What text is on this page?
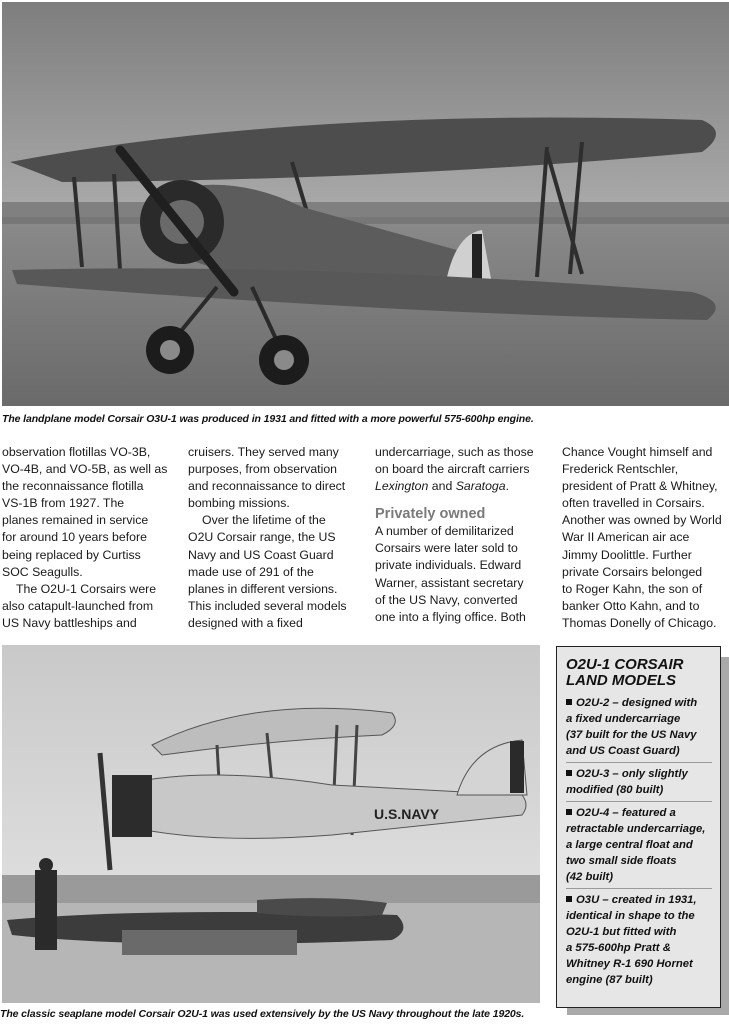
The landplane model Corsair O3U-1 was produced in 1931 and fitted with a more powerful 575-600hp engine.

observation flotillas VO-3B,

VO-4B, and VO-5B, as well as

the reconnaissance flotilla

VS-1B from 1927. The

planes remained in service

for around 10 years before

being replaced by Curtiss

SOC Seagulls.

The O2U-1 Corsairs were

also catapult-launched from

US Navy battleships and

cruisers. They served many

purposes, from observation

and reconnaissance to direct

bombing missions.

Over the lifetime of the

O2U Corsair range, the US

Navy and US Coast Guard

made use of 291 of the

planes in different versions.

This included several models

designed with a fixed

undercarriage, such as those

on board the aircraft carriers

Lexington and Saratoga.

Privately owned

A number of demilitarized

Corsairs were later sold to

private individuals. Edward

Warner, assistant secretary

of the US Navy, converted

one into a flying office. Both

Chance Vought himself and

Frederick Rentschler,

president of Pratt & Whitney,

often travelled in Corsairs.

Another was owned by World

War II American air ace

Jimmy Doolittle. Further

private Corsairs belonged

to Roger Kahn, the son of

banker Otto Kahn, and to

Thomas Donelly of Chicago.

U.S.NAVY
The classic seaplane model Corsair O2U-1 was used extensively by the US Navy throughout the late 1920s.
O2U-1 CORSAIR
LAND MODELS
O2U-2 – designed with
a fixed undercarriage
(37 built for the US Navy
and US Coast Guard)
O2U-3 – only slightly
modified (80 built)
O2U-4 – featured a
retractable undercarriage,
a large central float and
two small side floats
(42 built)
O3U – created in 1931,
identical in shape to the
O2U-1 but fitted with
a 575-600hp Pratt &
Whitney R-1 690 Hornet
engine (87 built)
